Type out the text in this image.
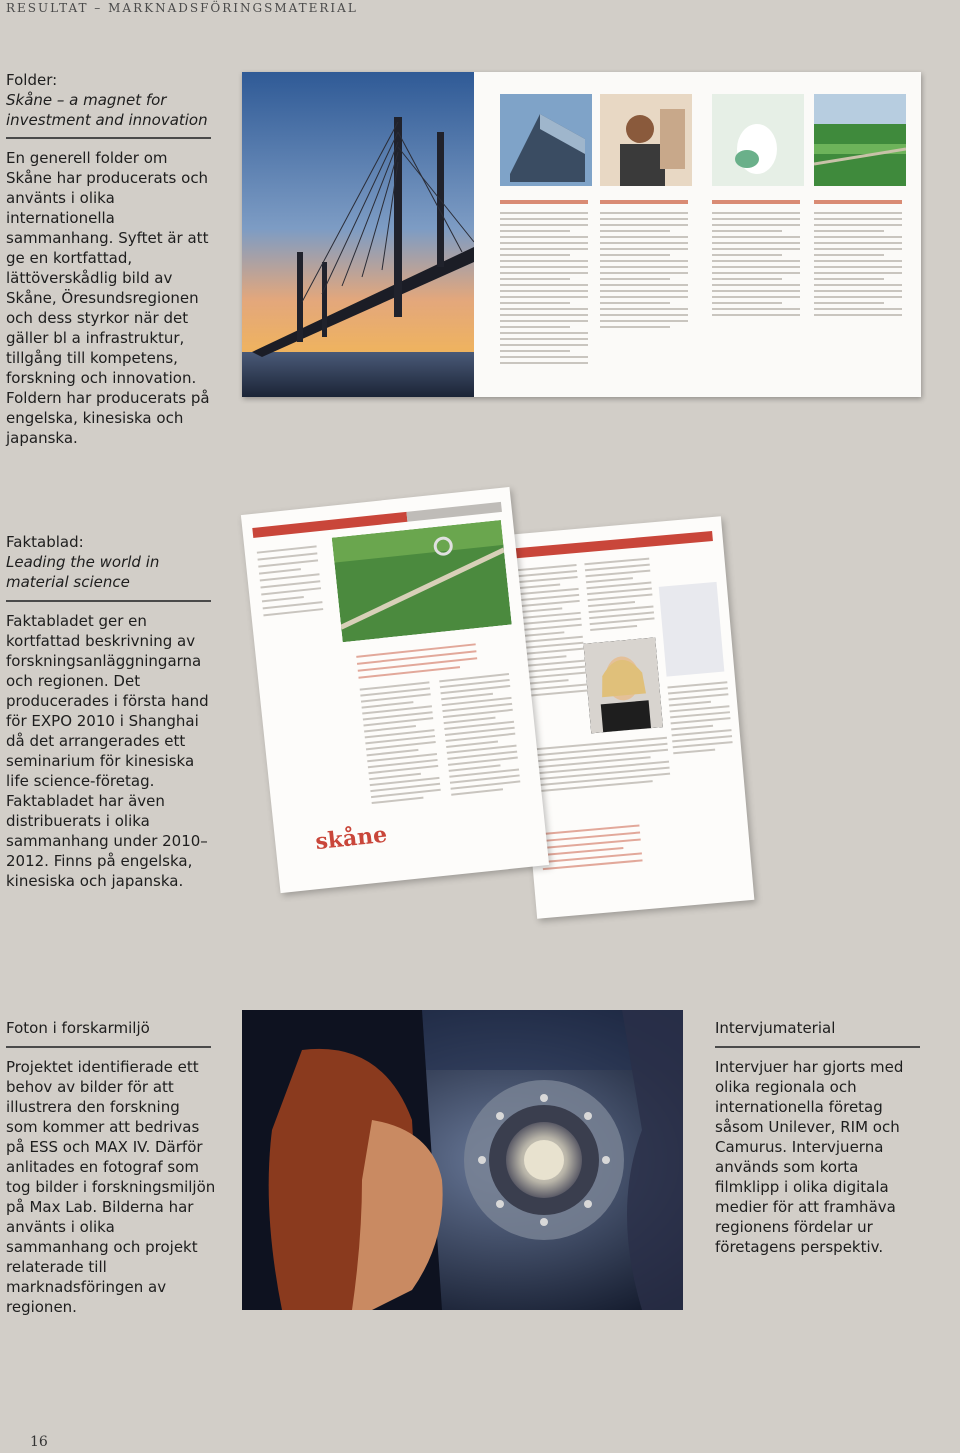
RESULTAT – MARKNADSFÖRINGSMATERIAL
Folder:
Skåne – a magnet for investment and innovation
En generell folder om Skåne har producerats och använts i olika internationella sammanhang. Syftet är att ge en kortfattad, lättöverskådlig bild av Skåne, Öresundsregionen och dess styrkor när det gäller bl a infrastruktur, tillgång till kompetens, forskning och innovation. Foldern har producerats på engelska, kinesiska och japanska.
Faktablad:
Leading the world in material science
Faktabladet ger en kortfattad beskrivning av forskningsanläggningarna och regionen. Det producerades i första hand för EXPO 2010 i Shanghai då det arrangerades ett seminarium för kinesiska life science-företag. Faktabladet har även distribuerats i olika sammanhang under 2010–2012. Finns på engelska, kinesiska och japanska.
skåne
Foton i forskarmiljö
Projektet identifierade ett behov av bilder för att illustrera den forskning som kommer att bedrivas på ESS och MAX IV. Därför anlitades en fotograf som tog bilder i forskningsmiljön på Max Lab. Bilderna har använts i olika sammanhang och projekt relaterade till marknadsföringen av regionen.
Intervjumaterial
Intervjuer har gjorts med olika regionala och internationella företag såsom Unilever, RIM och Camurus. Intervjuerna används som korta filmklipp i olika digitala medier för att framhäva regionens fördelar ur företagens perspektiv.
16
